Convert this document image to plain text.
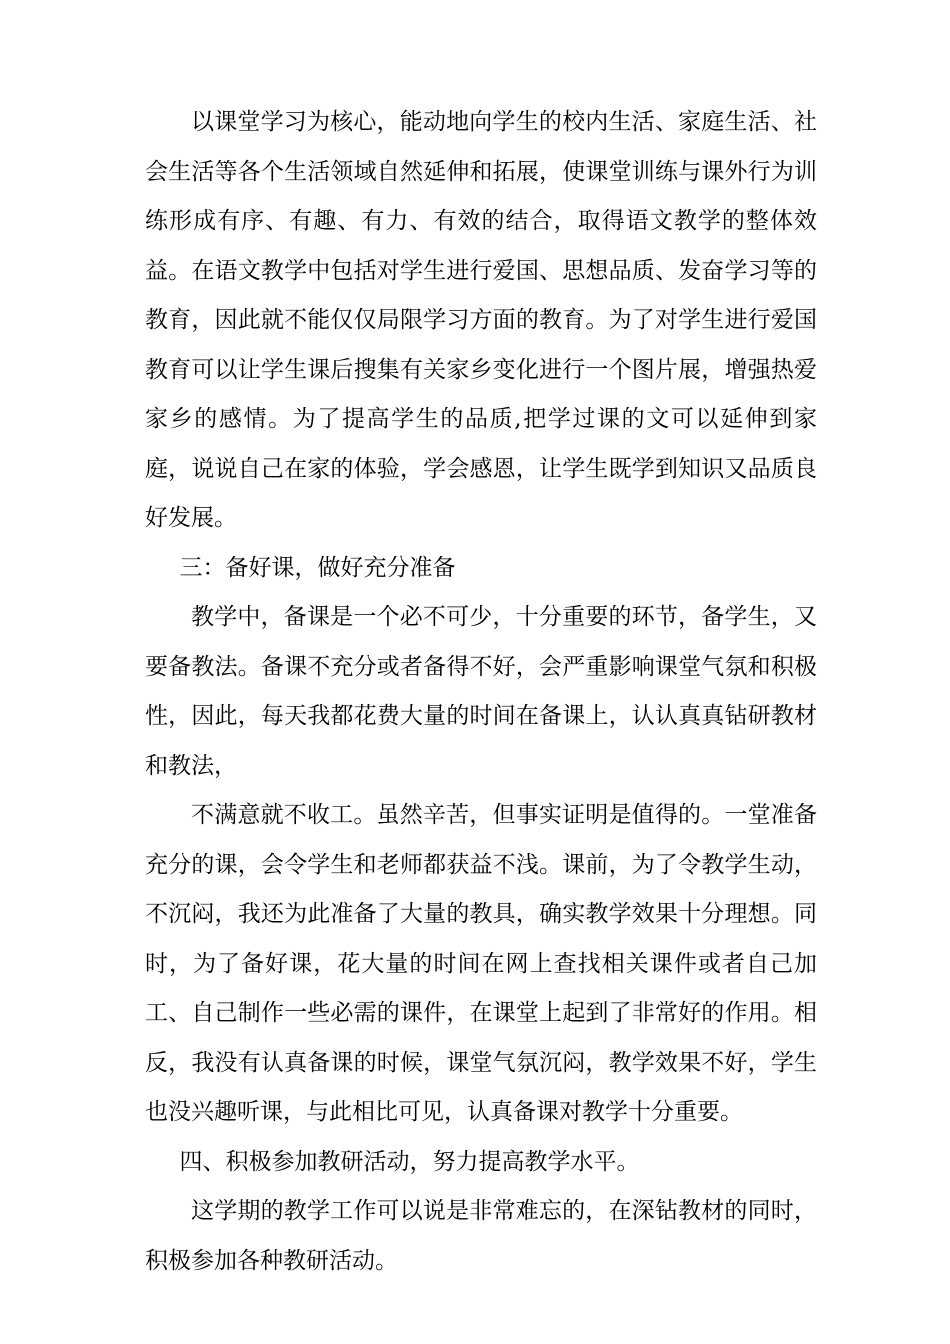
以课堂学习为核心，能动地向学生的校内生活、家庭生活、社会生活等各个生活领域自然延伸和拓展，使课堂训练与课外行为训练形成有序、有趣、有力、有效的结合，取得语文教学的整体效益。在语文教学中包括对学生进行爱国、思想品质、发奋学习等的教育，因此就不能仅仅局限学习方面的教育。为了对学生进行爱国教育可以让学生课后搜集有关家乡变化进行一个图片展，增强热爱家乡的感情。为了提高学生的品质,把学过课的文可以延伸到家庭，说说自己在家的体验，学会感恩，让学生既学到知识又品质良好发展。

三：备好课，做好充分准备

教学中，备课是一个必不可少，十分重要的环节，备学生，又要备教法。备课不充分或者备得不好，会严重影响课堂气氛和积极性，因此，每天我都花费大量的时间在备课上，认认真真钻研教材和教法，

不满意就不收工。虽然辛苦，但事实证明是值得的。一堂准备充分的课，会令学生和老师都获益不浅。课前，为了令教学生动，不沉闷，我还为此准备了大量的教具，确实教学效果十分理想。同时，为了备好课，花大量的时间在网上查找相关课件或者自己加工、自己制作一些必需的课件，在课堂上起到了非常好的作用。相反，我没有认真备课的时候，课堂气氛沉闷，教学效果不好，学生也没兴趣听课，与此相比可见，认真备课对教学十分重要。

四、积极参加教研活动，努力提高教学水平。

这学期的教学工作可以说是非常难忘的，在深钻教材的同时，积极参加各种教研活动。
